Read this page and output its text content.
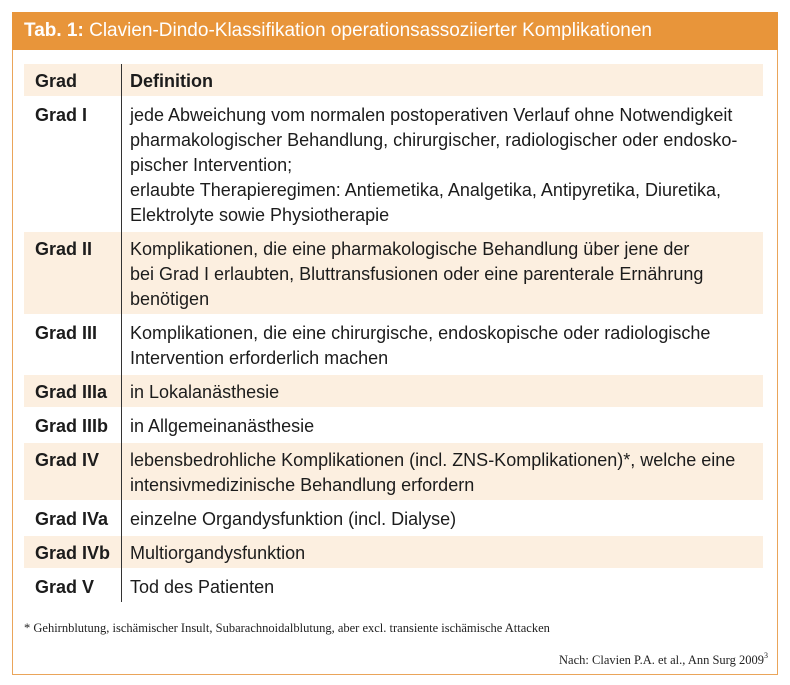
Tab. 1: Clavien-Dindo-Klassifikation operationsassoziierter Komplikationen
Grad	Definition
Grad I	jede Abweichung vom normalen postoperativen Verlauf ohne Notwendigkeit
pharmakologischer Behandlung, chirurgischer, radiologischer oder endosko-
pischer Intervention;
erlaubte Therapieregimen: Antiemetika, Analgetika, Antipyretika, Diuretika,
Elektrolyte sowie Physiotherapie
Grad II	Komplikationen, die eine pharmakologische Behandlung über jene der
bei Grad I erlaubten, Bluttransfusionen oder eine parenterale Ernährung
benötigen
Grad III	Komplikationen, die eine chirurgische, endoskopische oder radiologische
Intervention erforderlich machen
Grad IIIa	in Lokalanästhesie
Grad IIIb	in Allgemeinanästhesie
Grad IV	lebensbedrohliche Komplikationen (incl. ZNS-Komplikationen)*, welche eine
intensivmedizinische Behandlung erfordern
Grad IVa	einzelne Organdysfunktion (incl. Dialyse)
Grad IVb	Multiorgandysfunktion
Grad V	Tod des Patienten
* Gehirnblutung, ischämischer Insult, Subarachnoidalblutung, aber excl. transiente ischämische Attacken
Nach: Clavien P.A. et al., Ann Surg 2009$^3$
